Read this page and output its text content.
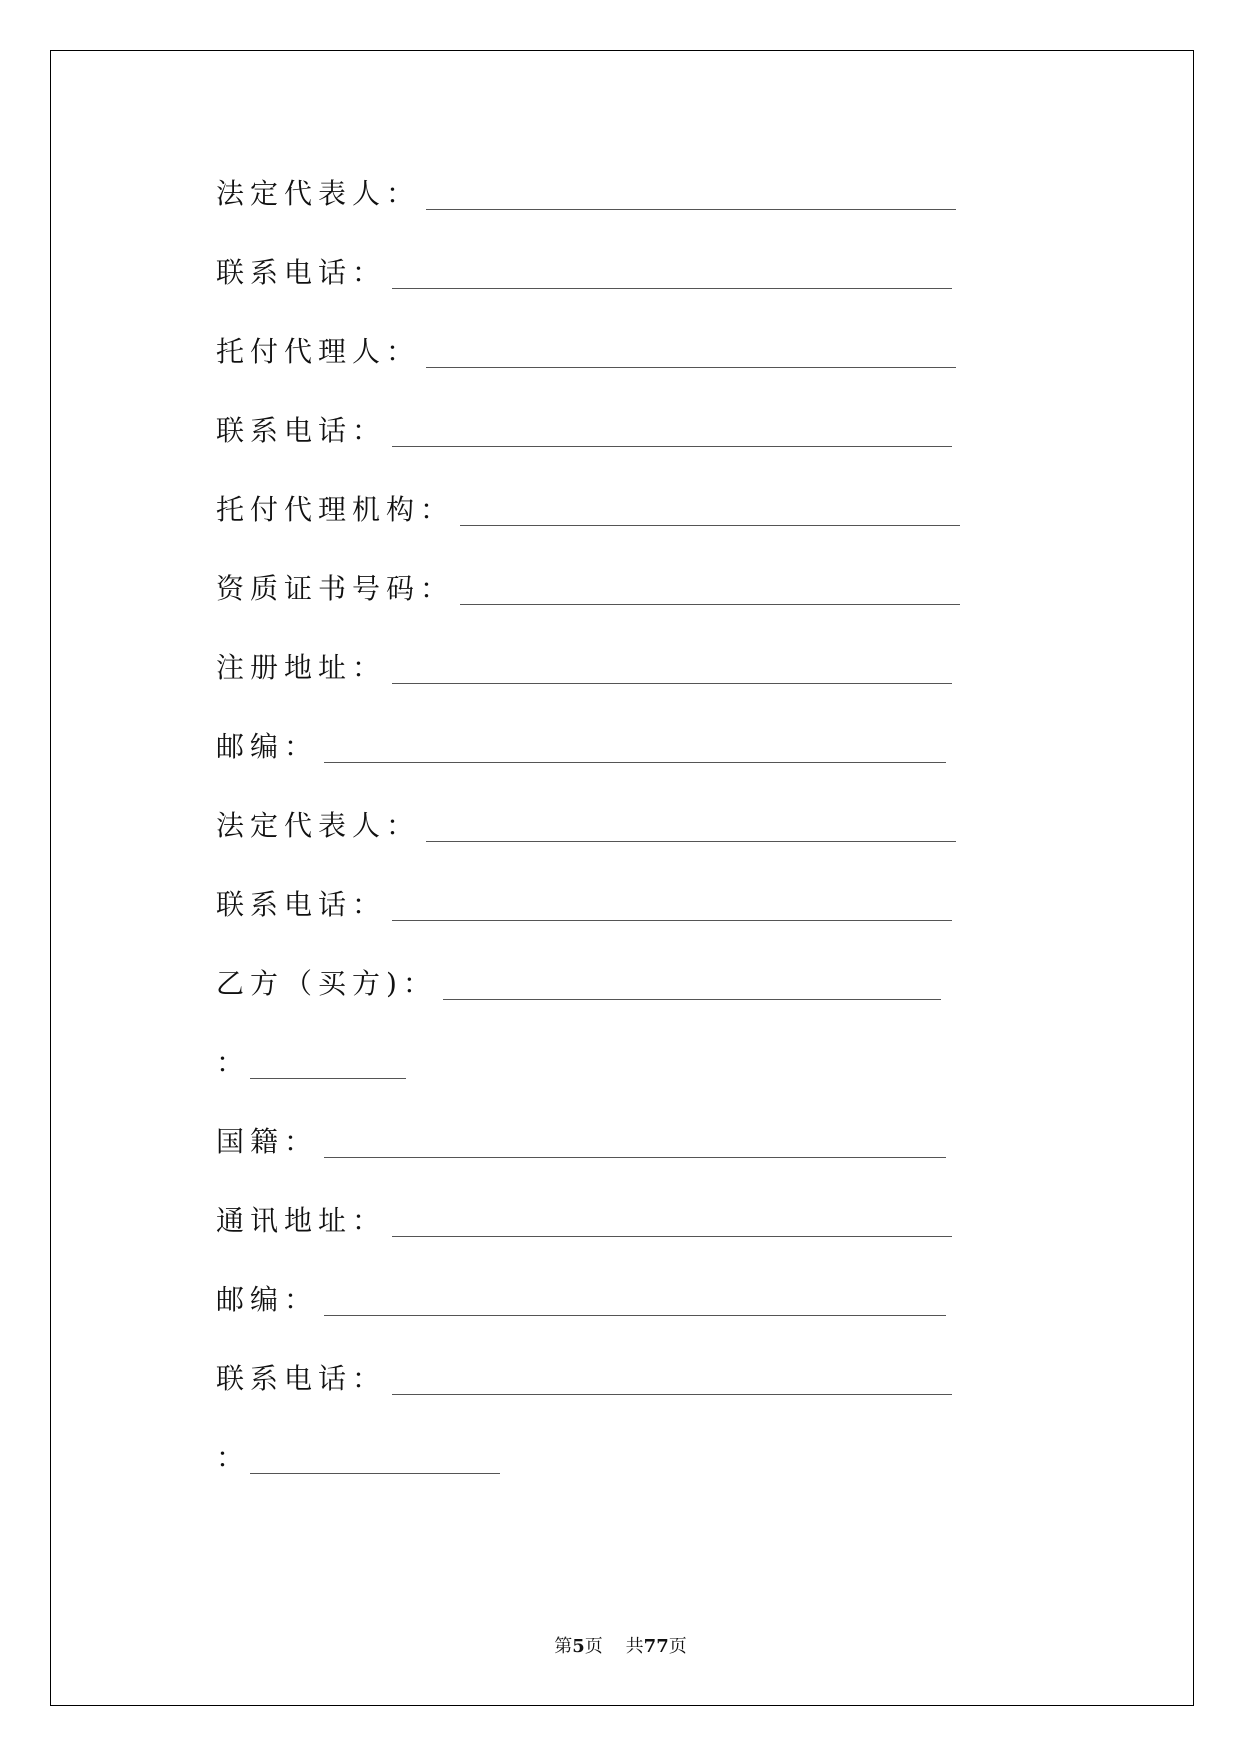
法定代表人：
联系电话：
托付代理人：
联系电话：
托付代理机构：
资质证书号码：
注册地址：
邮编：
法定代表人：
联系电话：
乙方（买方)：
：
国籍：
通讯地址：
邮编：
联系电话：
：
第5页 共77页
